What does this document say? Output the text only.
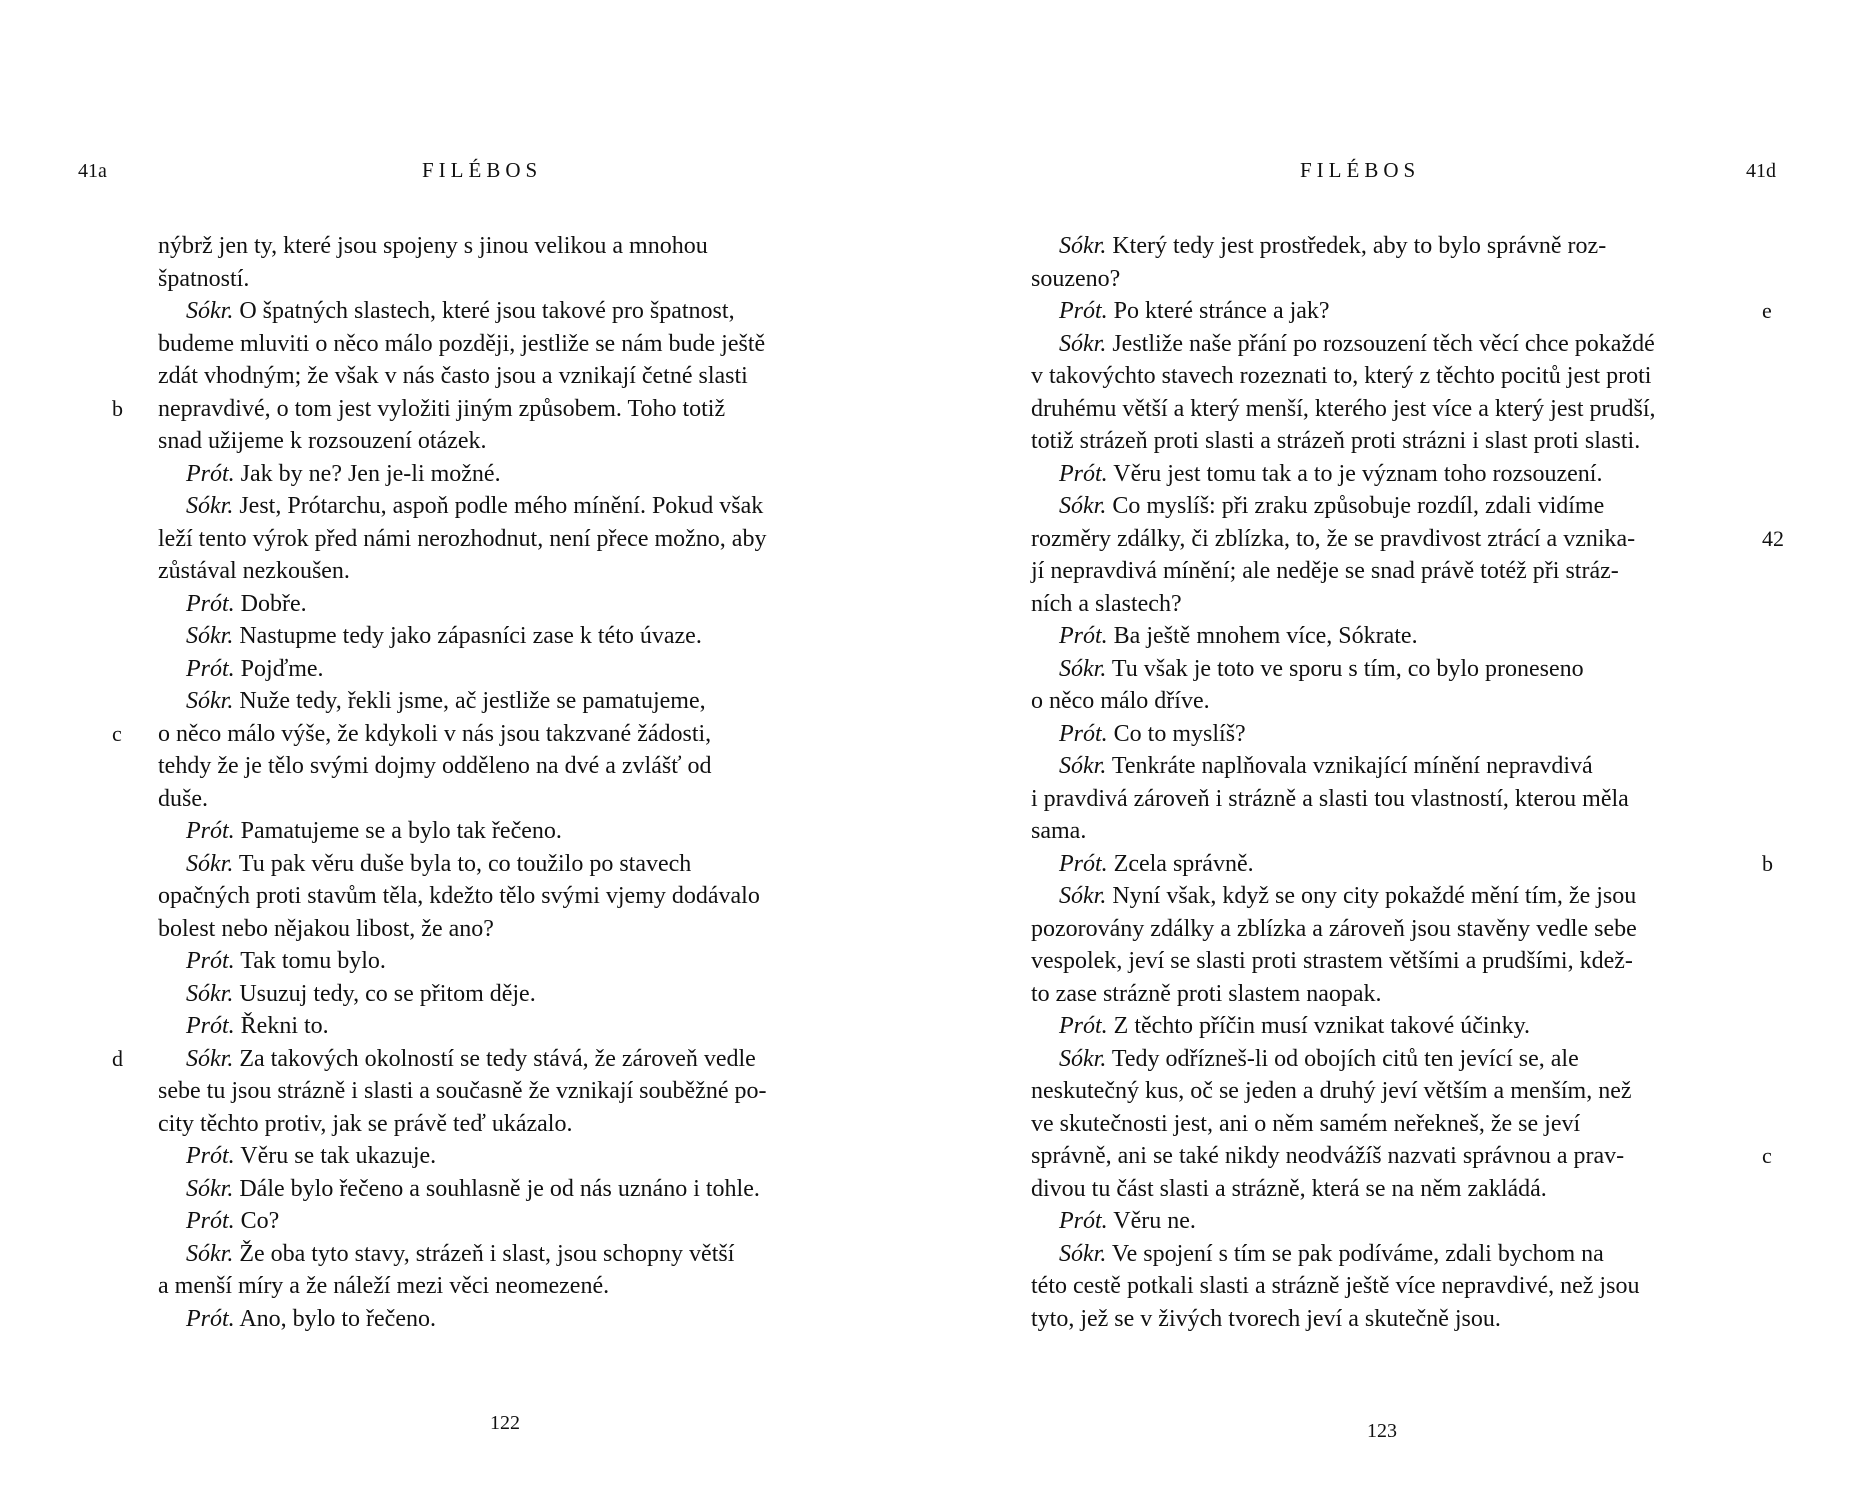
41a	FILÉBOS
nýbrž jen ty, které jsou spojeny s jinou velikou a mnohou
špatností.
Sókr. O špatných slastech, které jsou takové pro špatnost,
budeme mluviti o něco málo později, jestliže se nám bude ještě
zdát vhodným; že však v nás často jsou a vznikají četné slasti
nepravdivé, o tom jest vyložiti jiným způsobem. Toho totiž
snad užijeme k rozsouzení otázek.
Prót. Jak by ne? Jen je-li možné.
Sókr. Jest, Prótarchu, aspoň podle mého mínění. Pokud však
leží tento výrok před námi nerozhodnut, není přece možno, aby
zůstával nezkoušen.
Prót. Dobře.
Sókr. Nastupme tedy jako zápasníci zase k této úvaze.
Prót. Pojďme.
Sókr. Nuže tedy, řekli jsme, ač jestliže se pamatujeme,
o něco málo výše, že kdykoli v nás jsou takzvané žádosti,
tehdy že je tělo svými dojmy odděleno na dvé a zvlášť od
duše.
Prót. Pamatujeme se a bylo tak řečeno.
Sókr. Tu pak věru duše byla to, co toužilo po stavech
opačných proti stavům těla, kdežto tělo svými vjemy dodávalo
bolest nebo nějakou libost, že ano?
Prót. Tak tomu bylo.
Sókr. Usuzuj tedy, co se přitom děje.
Prót. Řekni to.
Sókr. Za takových okolností se tedy stává, že zároveň vedle
sebe tu jsou strázně i slasti a současně že vznikají souběžné po-
city těchto protiv, jak se právě teď ukázalo.
Prót. Věru se tak ukazuje.
Sókr. Dále bylo řečeno a souhlasně je od nás uznáno i tohle.
Prót. Co?
Sókr. Že oba tyto stavy, strázeň i slast, jsou schopny větší
a menší míry a že náleží mezi věci neomezené.
Prót. Ano, bylo to řečeno.
122
b
c
d
FILÉBOS	41d
Sókr. Který tedy jest prostředek, aby to bylo správně roz-
souzeno?
Prót. Po které stránce a jak?
Sókr. Jestliže naše přání po rozsouzení těch věcí chce pokaždé
v takovýchto stavech rozeznati to, který z těchto pocitů jest proti
druhému větší a který menší, kterého jest více a který jest prudší,
totiž strázeň proti slasti a strázeň proti strázni i slast proti slasti.
Prót. Věru jest tomu tak a to je význam toho rozsouzení.
Sókr. Co myslíš: při zraku způsobuje rozdíl, zdali vidíme
rozměry zdálky, či zblízka, to, že se pravdivost ztrácí a vznika-
jí nepravdivá mínění; ale neděje se snad právě totéž při stráz-
ních a slastech?
Prót. Ba ještě mnohem více, Sókrate.
Sókr. Tu však je toto ve sporu s tím, co bylo proneseno
o něco málo dříve.
Prót. Co to myslíš?
Sókr. Tenkráte naplňovala vznikající mínění nepravdivá
i pravdivá zároveň i strázně a slasti tou vlastností, kterou měla
sama.
Prót. Zcela správně.
Sókr. Nyní však, když se ony city pokaždé mění tím, že jsou
pozorovány zdálky a zblízka a zároveň jsou stavěny vedle sebe
vespolek, jeví se slasti proti strastem většími a prudšími, kdež-
to zase strázně proti slastem naopak.
Prót. Z těchto příčin musí vznikat takové účinky.
Sókr. Tedy odřízneš-li od obojích citů ten jevící se, ale
neskutečný kus, oč se jeden a druhý jeví větším a menším, než
ve skutečnosti jest, ani o něm samém neřekneš, že se jeví
správně, ani se také nikdy neodvážíš nazvati správnou a prav-
divou tu část slasti a strázně, která se na něm zakládá.
Prót. Věru ne.
Sókr. Ve spojení s tím se pak podíváme, zdali bychom na
této cestě potkali slasti a strázně ještě více nepravdivé, než jsou
tyto, jež se v živých tvorech jeví a skutečně jsou.
123
e
42
b
c
